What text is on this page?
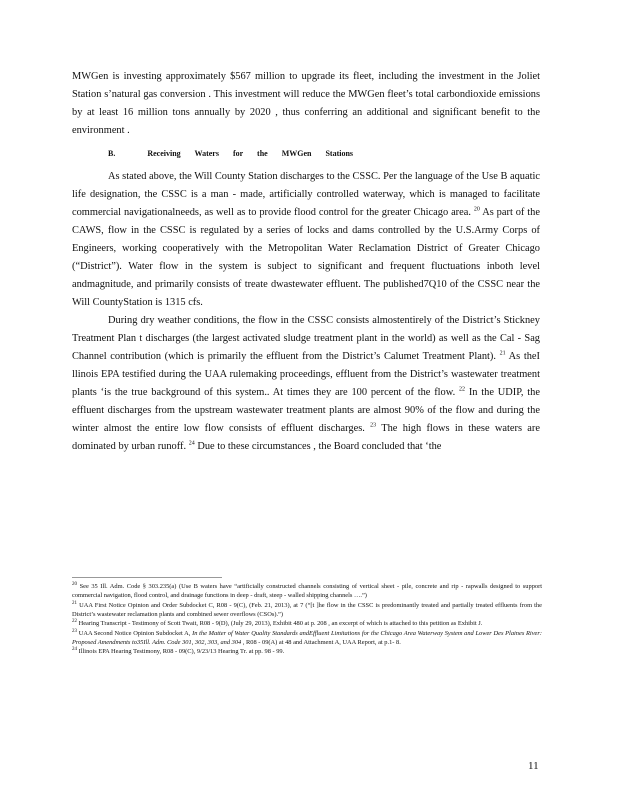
MWGen is investing approximately $567 million to upgrade its fleet, including the investment in the Joliet Station s’natural gas conversion . This investment will reduce the MWGen fleet’s total carbondioxide emissions by at least 16 million tons annually by 2020 , thus conferring an additional and significant benefit to the environment .

B.	Receiving Waters for the MWGen Stations

As stated above, the Will County Station discharges to the CSSC. Per the language of the Use B aquatic life designation, the CSSC is a man - made, artificially controlled waterway, which is managed to facilitate commercial navigationalneeds, as well as to provide flood control for the greater Chicago area. $^{20}$ As part of the CAWS, flow in the CSSC is regulated by a series of locks and dams controlled by the U.S.Army Corps of Engineers, working cooperatively with the Metropolitan Water Reclamation District of Greater Chicago (“District”). Water flow in the system is subject to significant and frequent fluctuations inboth level andmagnitude, and primarily consists of treate dwastewater effluent. The published7Q10 of the CSSC near the Will CountyStation is 1315 cfs.

During dry weather conditions, the flow in the CSSC consists almostentirely of the District’s Stickney Treatment Plan t discharges (the largest activated sludge treatment plant in the world) as well as the Cal - Sag Channel contribution (which is primarily the effluent from the District’s Calumet Treatment Plant). $^{21}$ As theI llinois EPA testified during the UAA rulemaking proceedings, effluent from the District’s wastewater treatment plants ‘is the true background of this system.. At times they are 100 percent of the flow. $^{22}$ In the UDIP, the effluent discharges from the upstream wastewater treatment plants are almost 90% of the flow and during the winter almost the entire low flow consists of effluent discharges. $^{23}$ The high flows in these waters are dominated by urban runoff. $^{24}$ Due to these circumstances , the Board concluded that ‘the

$^{20}$ See 35 Ill. Adm. Code § 303.235(a) (Use B waters have “artificially constructed channels consisting of vertical sheet - pile, concrete and rip - rapwalls designed to support commercial navigation, flood control, and drainage functions in deep - draft, steep - walled shipping channels ….”)

$^{21}$ UAA First Notice Opinion and Order Subdocket C, R08 - 9(C), (Feb. 21, 2013), at 7 (“[t ]he flow in the CSSC is predominantly treated and partially treated effluents from the District’s wastewater reclamation plants and combined sewer overflows (CSOs).”)

$^{22}$ Hearing Transcript - Testimony of Scott Twait, R08 - 9(D), (July 29, 2013), Exhibit 480 at p. 208 , an excerpt of which is attached to this petition as Exhibit J.

$^{23}$ UAA Second Notice Opinion Subdocket A, In the Matter of Water Quality Standards andEffluent Limitations for the Chicago Area Waterway System and Lower Des Plaines River: Proposed Amendments to35Ill. Adm. Code 301, 302, 303, and 304 , R08 - 09(A) at 48 and Attachment A, UAA Report, at p.1- 8.

$^{24}$ Illinois EPA Hearing Testimony, R08 - 09(C), 9/23/13 Hearing Tr. at pp. 98 - 99.

11
